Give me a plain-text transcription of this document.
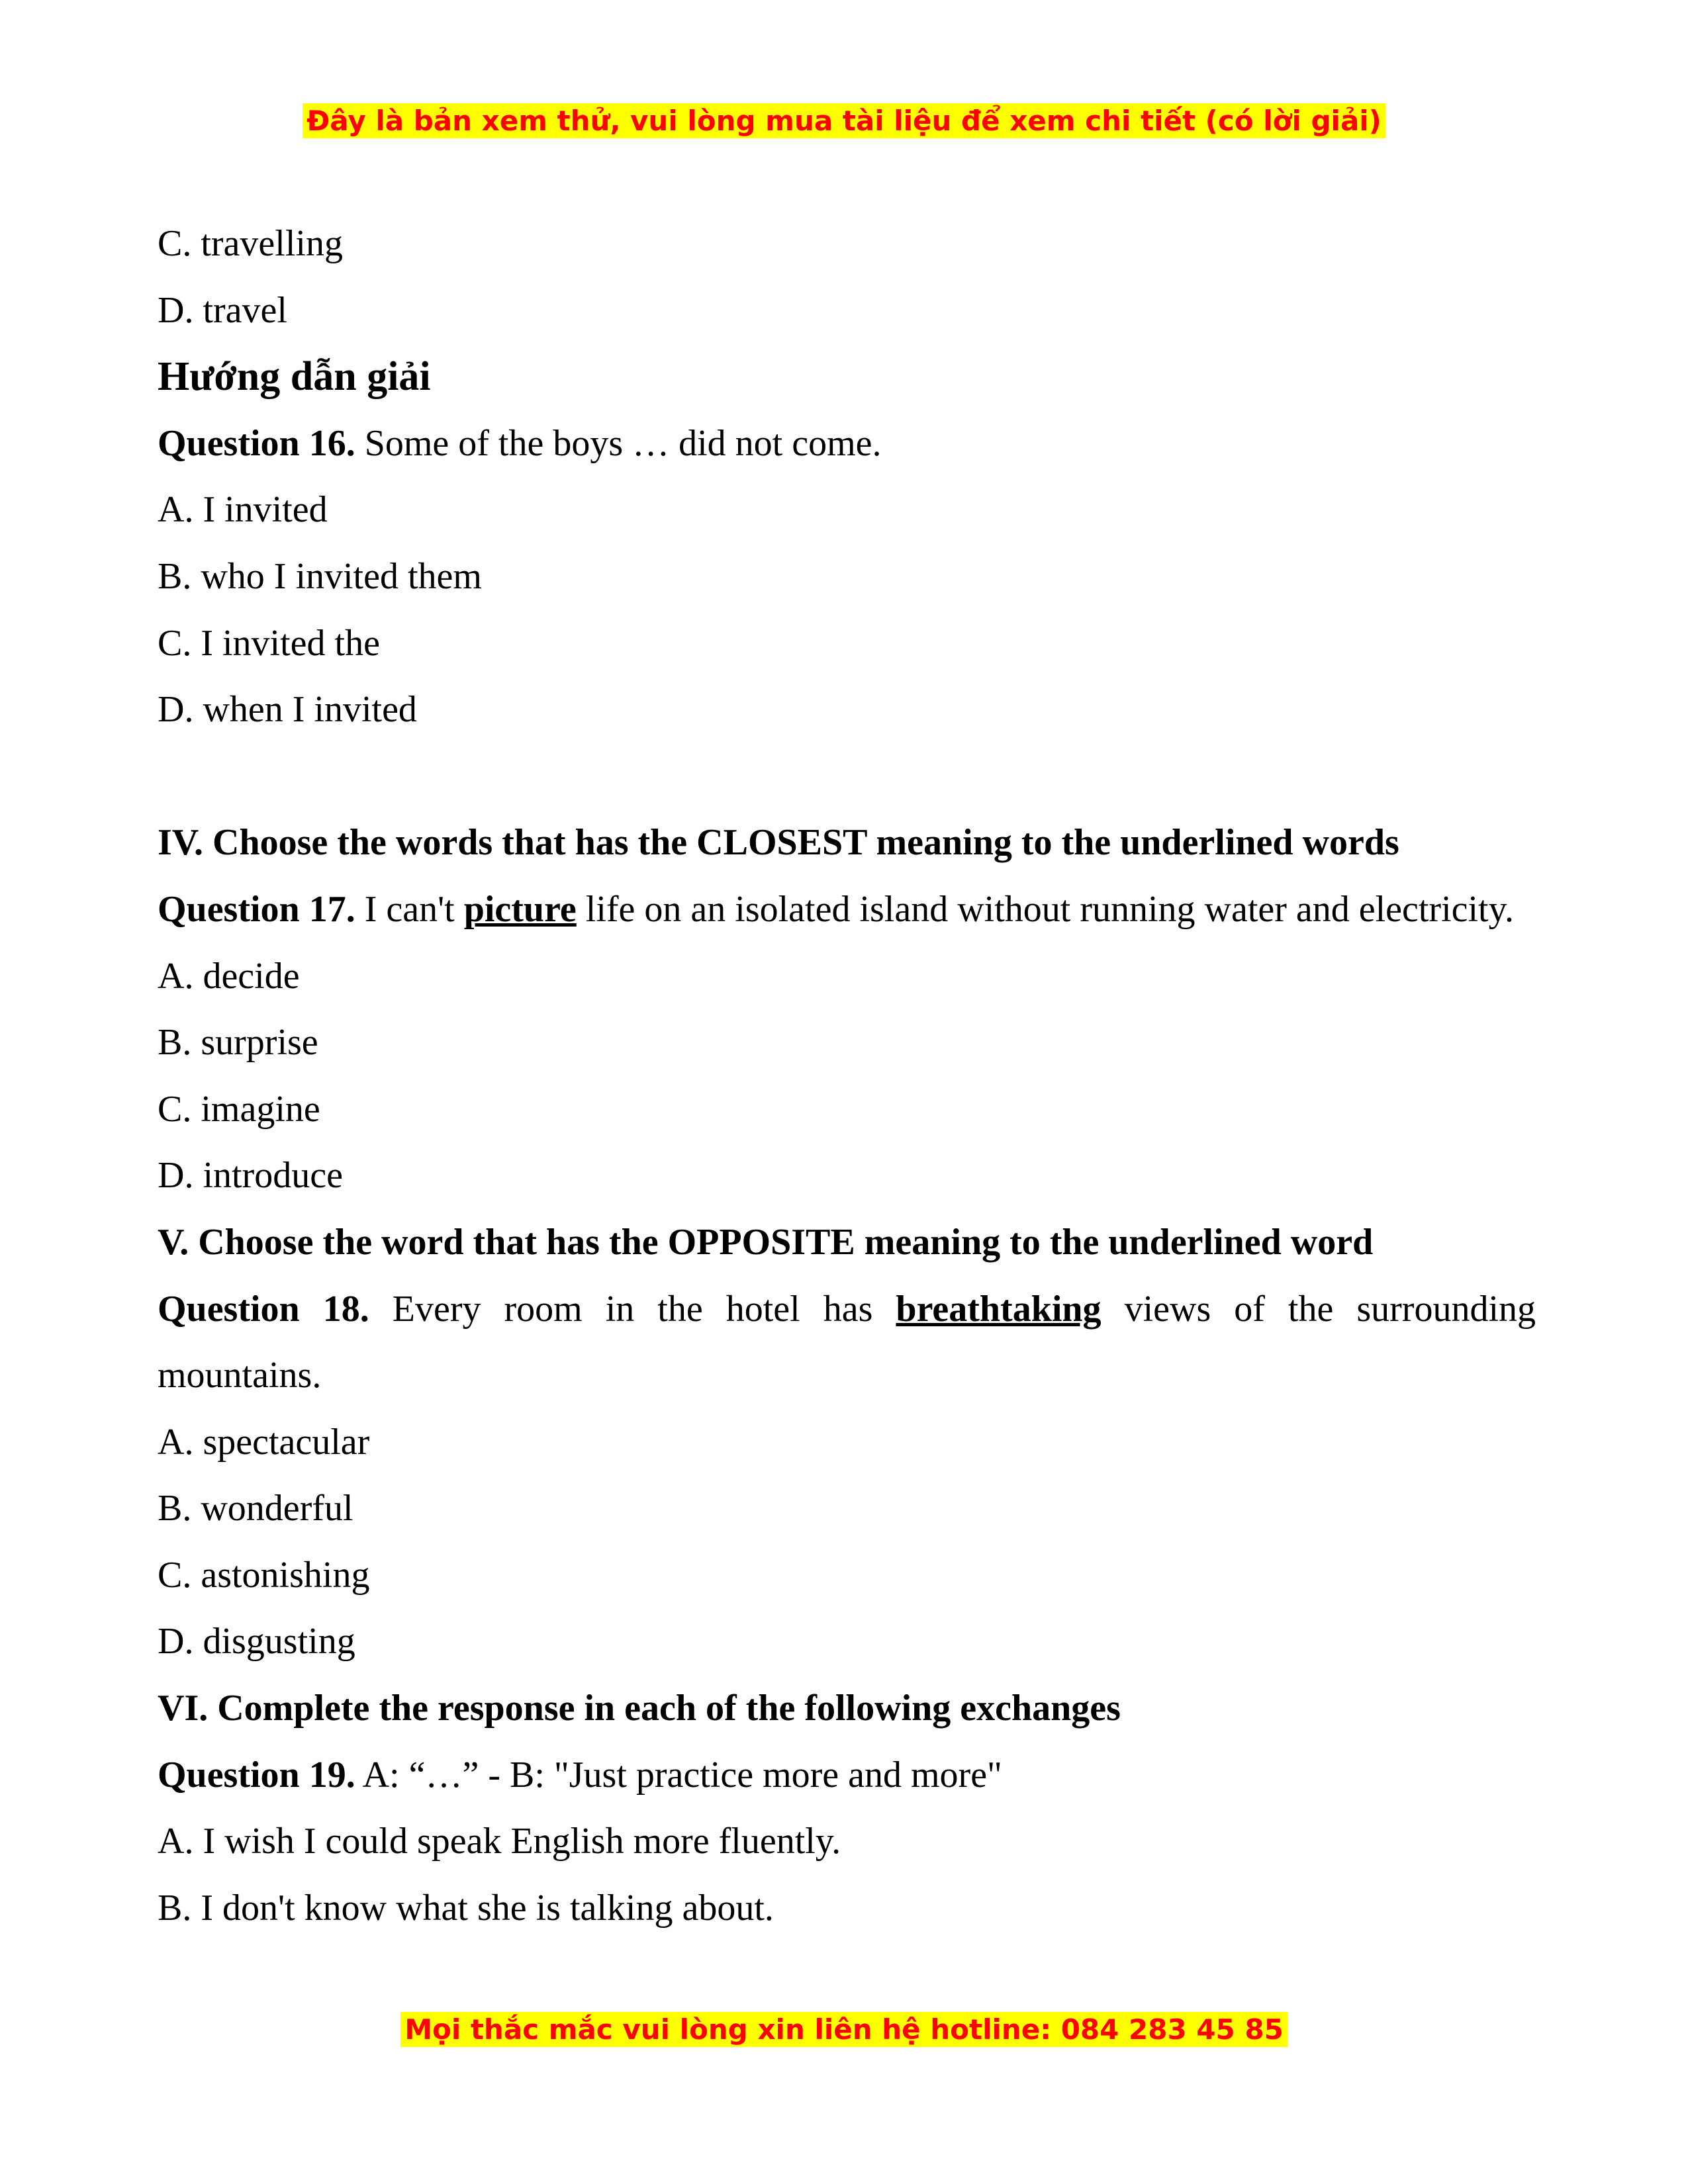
Đây là bản xem thử, vui lòng mua tài liệu để xem chi tiết (có lời giải)

C. travelling

D. travel

Hướng dẫn giải

Question 16. Some of the boys … did not come.

A. I invited

B. who I invited them

C. I invited the

D. when I invited

IV. Choose the words that has the CLOSEST meaning to the underlined words

Question 17. I can't picture life on an isolated island without running water and electricity.

A. decide

B. surprise

C. imagine

D. introduce

V. Choose the word that has the OPPOSITE meaning to the underlined word

Question 18. Every room in the hotel has breathtaking views of the surrounding mountains.

A. spectacular

B. wonderful

C. astonishing

D. disgusting

VI. Complete the response in each of the following exchanges

Question 19. A: “…” - B: "Just practice more and more"

A. I wish I could speak English more fluently.

B. I don't know what she is talking about.

Mọi thắc mắc vui lòng xin liên hệ hotline: 084 283 45 85
